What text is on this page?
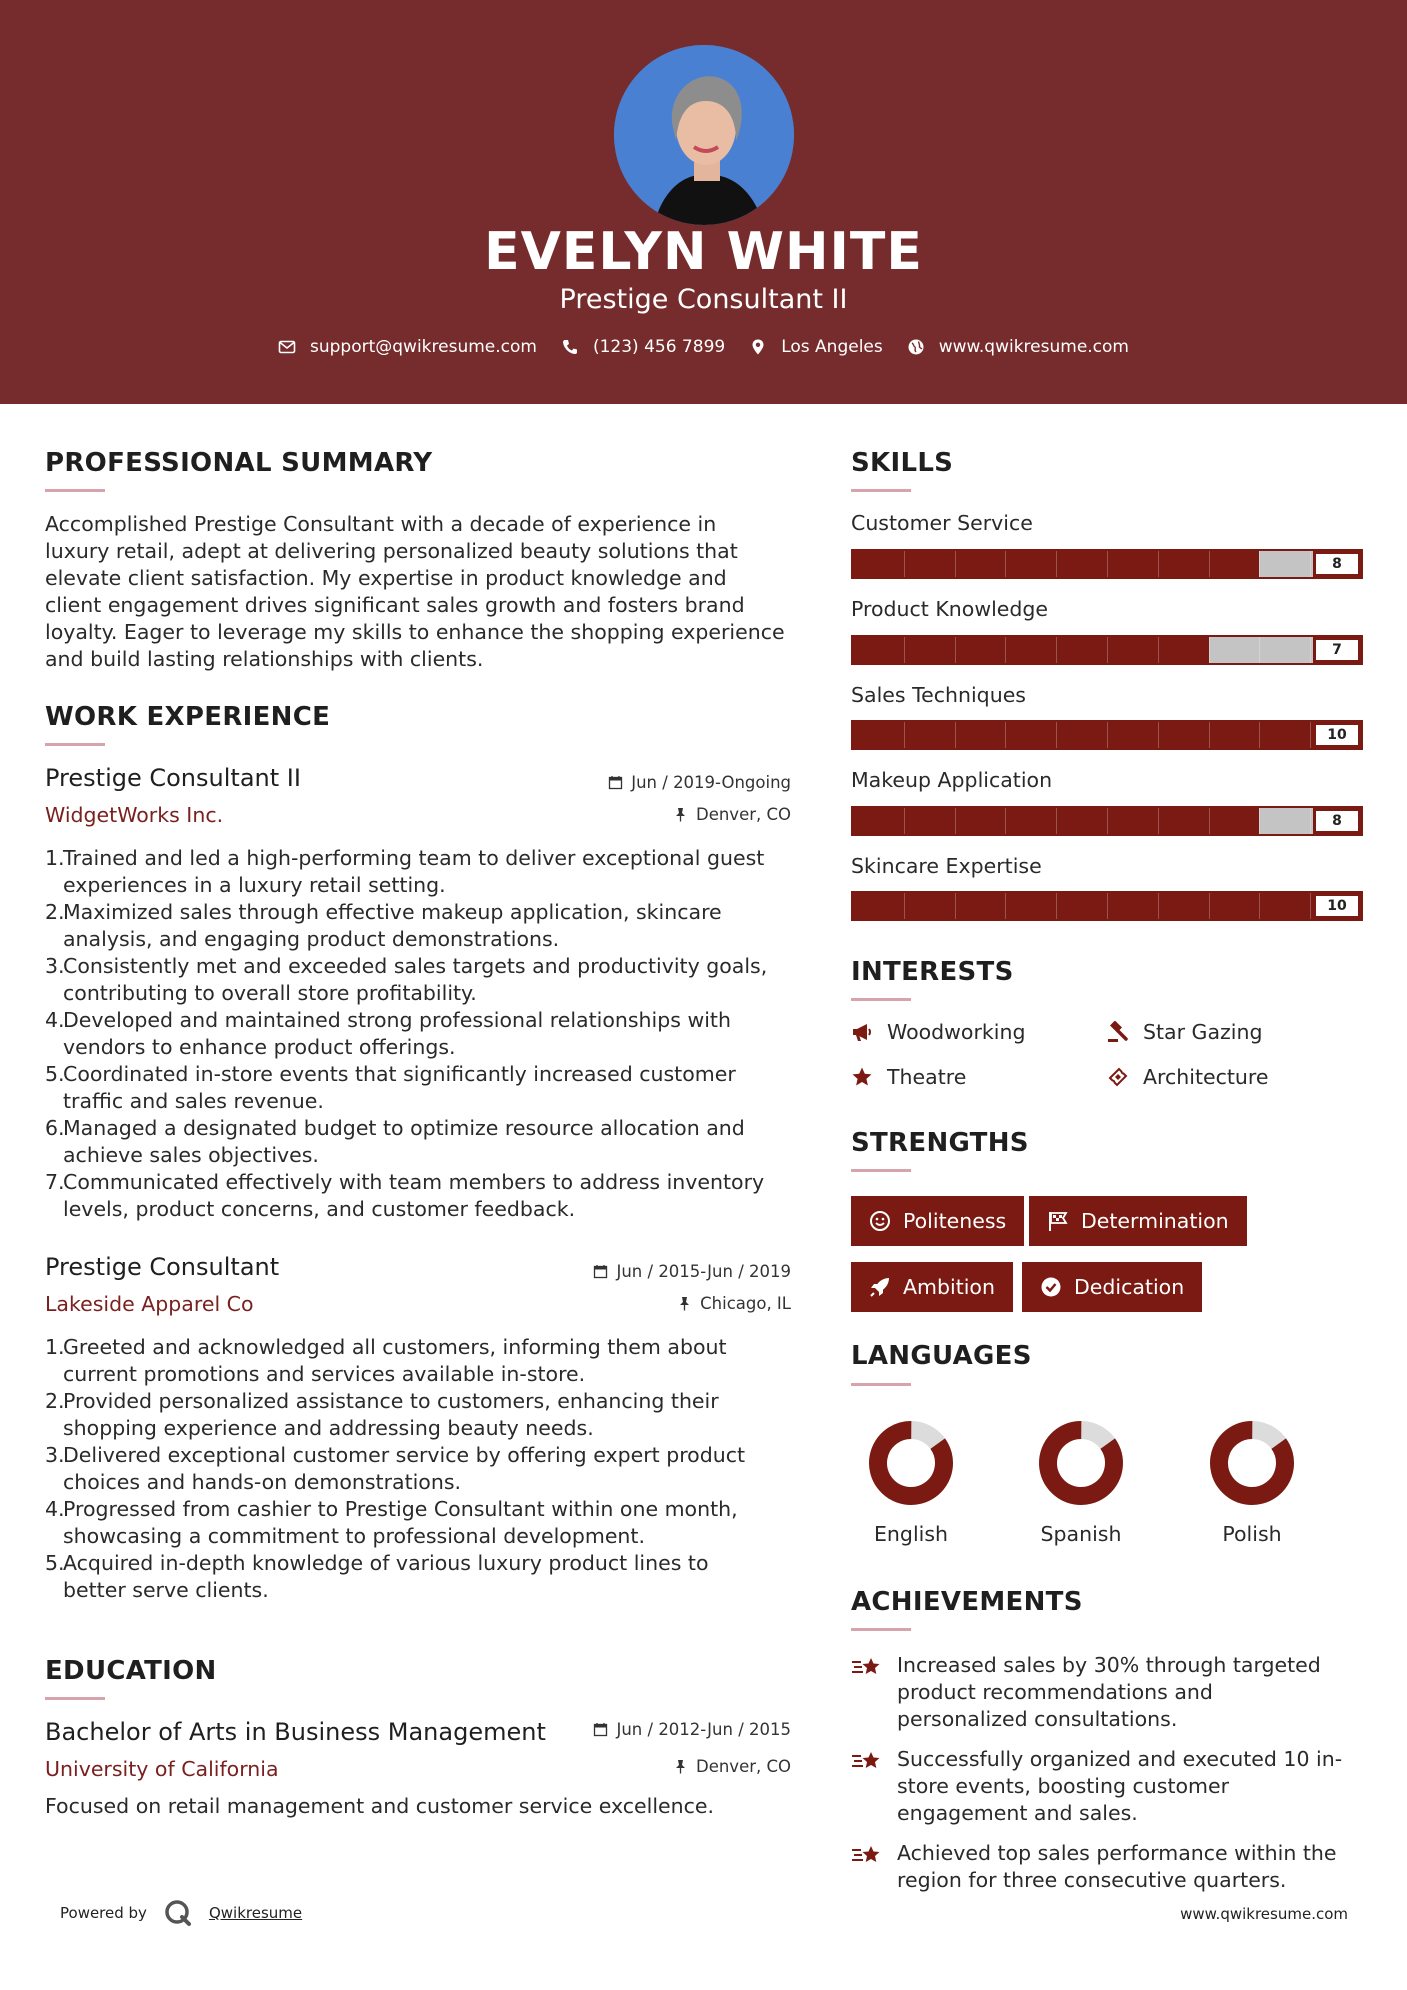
EVELYN WHITE
Prestige Consultant II
support@qwikresume.com	(123) 456 7899	Los Angeles	www.qwikresume.com
PROFESSIONAL SUMMARY
Accomplished Prestige Consultant with a decade of experience in
luxury retail, adept at delivering personalized beauty solutions that
elevate client satisfaction. My expertise in product knowledge and
client engagement drives significant sales growth and fosters brand
loyalty. Eager to leverage my skills to enhance the shopping experience
and build lasting relationships with clients.
WORK EXPERIENCE
Prestige Consultant II
WidgetWorks Inc.
Jun / 2019-Ongoing
Denver, CO
1.
Trained and led a high-performing team to deliver exceptional guest
experiences in a luxury retail setting.
2.
Maximized sales through effective makeup application, skincare
analysis, and engaging product demonstrations.
3.
Consistently met and exceeded sales targets and productivity goals,
contributing to overall store profitability.
4.
Developed and maintained strong professional relationships with
vendors to enhance product offerings.
5.
Coordinated in-store events that significantly increased customer
traffic and sales revenue.
6.
Managed a designated budget to optimize resource allocation and
achieve sales objectives.
7.
Communicated effectively with team members to address inventory
levels, product concerns, and customer feedback.
Prestige Consultant
Lakeside Apparel Co
Jun / 2015-Jun / 2019
Chicago, IL
1.
Greeted and acknowledged all customers, informing them about
current promotions and services available in-store.
2.
Provided personalized assistance to customers, enhancing their
shopping experience and addressing beauty needs.
3.
Delivered exceptional customer service by offering expert product
choices and hands-on demonstrations.
4.
Progressed from cashier to Prestige Consultant within one month,
showcasing a commitment to professional development.
5.
Acquired in-depth knowledge of various luxury product lines to
better serve clients.
EDUCATION
Bachelor of Arts in Business Management
University of California
Jun / 2012-Jun / 2015
Denver, CO
Focused on retail management and customer service excellence.
SKILLS
Customer Service
8
Product Knowledge
7
Sales Techniques
10
Makeup Application
8
Skincare Expertise
10
INTERESTS
Woodworking	Star Gazing
Theatre	Architecture
STRENGTHS
Politeness	Determination
Ambition	Dedication
LANGUAGES
English	Spanish	Polish
ACHIEVEMENTS
Increased sales by 30% through targeted
product recommendations and
personalized consultations.
Successfully organized and executed 10 in-
store events, boosting customer
engagement and sales.
Achieved top sales performance within the
region for three consecutive quarters.
Powered by	Qwikresume	www.qwikresume.com
